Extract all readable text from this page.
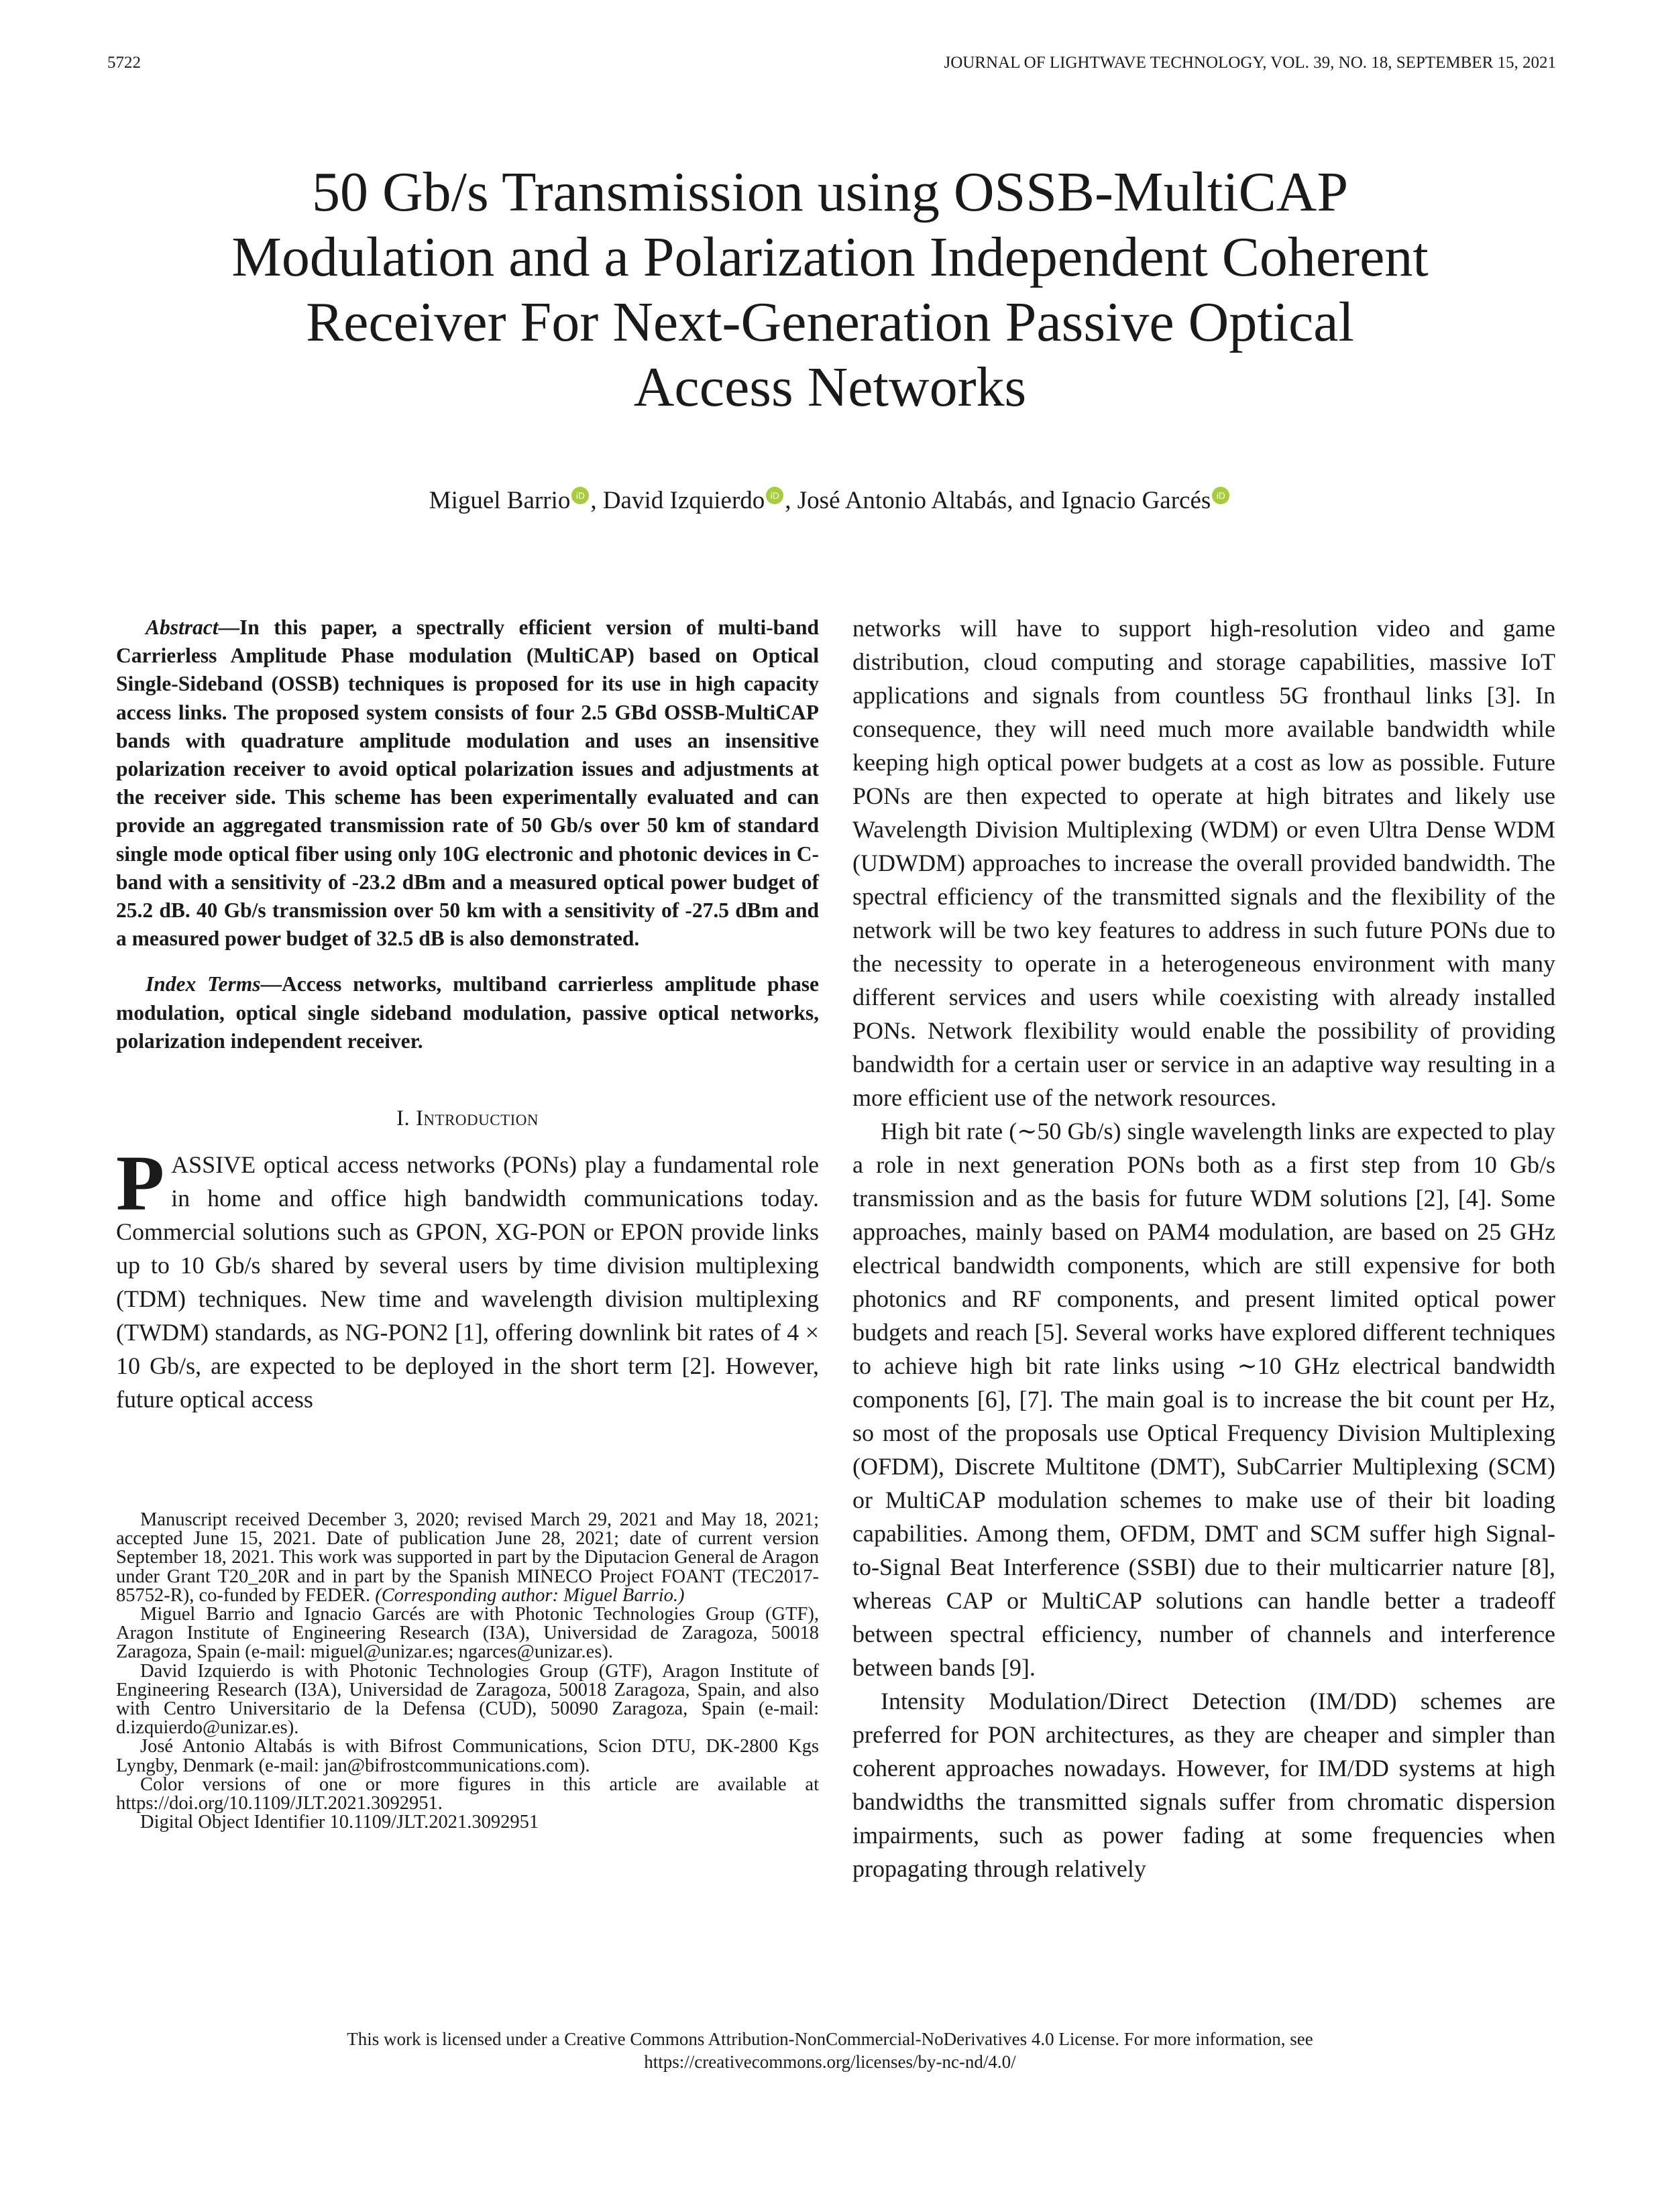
5722	JOURNAL OF LIGHTWAVE TECHNOLOGY, VOL. 39, NO. 18, SEPTEMBER 15, 2021
50 Gb/s Transmission using OSSB-MultiCAP
Modulation and a Polarization Independent Coherent
Receiver For Next-Generation Passive Optical
Access Networks
Miguel Barrio iD , David Izquierdo iD , José Antonio Altabás, and Ignacio Garcés iD

Abstract—In this paper, a spectrally efficient version of multi-band Carrierless Amplitude Phase modulation (MultiCAP) based on Optical Single-Sideband (OSSB) techniques is proposed for its use in high capacity access links. The proposed system consists of four 2.5 GBd OSSB-MultiCAP bands with quadrature amplitude modulation and uses an insensitive polarization receiver to avoid optical polarization issues and adjustments at the receiver side. This scheme has been experimentally evaluated and can provide an aggregated transmission rate of 50 Gb/s over 50 km of standard single mode optical fiber using only 10G electronic and photonic devices in C-band with a sensitivity of -23.2 dBm and a measured optical power budget of 25.2 dB. 40 Gb/s transmission over 50 km with a sensitivity of -27.5 dBm and a measured power budget of 32.5 dB is also demonstrated.

Index Terms—Access networks, multiband carrierless amplitude phase modulation, optical single sideband modulation, passive optical networks, polarization independent receiver.

I. Introduction

PASSIVE optical access networks (PONs) play a fundamental role in home and office high bandwidth communications today. Commercial solutions such as GPON, XG-PON or EPON provide links up to 10 Gb/s shared by several users by time division multiplexing (TDM) techniques. New time and wavelength division multiplexing (TWDM) standards, as NG-PON2 [1], offering downlink bit rates of 4 × 10 Gb/s, are expected to be deployed in the short term [2]. However, future optical access

Manuscript received December 3, 2020; revised March 29, 2021 and May 18, 2021; accepted June 15, 2021. Date of publication June 28, 2021; date of current version September 18, 2021. This work was supported in part by the Diputacion General de Aragon under Grant T20_20R and in part by the Spanish MINECO Project FOANT (TEC2017-85752-R), co-funded by FEDER. (Corresponding author: Miguel Barrio.)

Miguel Barrio and Ignacio Garcés are with Photonic Technologies Group (GTF), Aragon Institute of Engineering Research (I3A), Universidad de Zaragoza, 50018 Zaragoza, Spain (e-mail: miguel@unizar.es; ngarces@unizar.es).

David Izquierdo is with Photonic Technologies Group (GTF), Aragon Institute of Engineering Research (I3A), Universidad de Zaragoza, 50018 Zaragoza, Spain, and also with Centro Universitario de la Defensa (CUD), 50090 Zaragoza, Spain (e-mail: d.izquierdo@unizar.es).

José Antonio Altabás is with Bifrost Communications, Scion DTU, DK-2800 Kgs Lyngby, Denmark (e-mail: jan@bifrostcommunications.com).

Color versions of one or more figures in this article are available at https://doi.org/10.1109/JLT.2021.3092951.

Digital Object Identifier 10.1109/JLT.2021.3092951

networks will have to support high-resolution video and game distribution, cloud computing and storage capabilities, massive IoT applications and signals from countless 5G fronthaul links [3]. In consequence, they will need much more available bandwidth while keeping high optical power budgets at a cost as low as possible. Future PONs are then expected to operate at high bitrates and likely use Wavelength Division Multiplexing (WDM) or even Ultra Dense WDM (UDWDM) approaches to increase the overall provided bandwidth. The spectral efficiency of the transmitted signals and the flexibility of the network will be two key features to address in such future PONs due to the necessity to operate in a heterogeneous environment with many different services and users while coexisting with already installed PONs. Network flexibility would enable the possibility of providing bandwidth for a certain user or service in an adaptive way resulting in a more efficient use of the network resources.

High bit rate (∼50 Gb/s) single wavelength links are expected to play a role in next generation PONs both as a first step from 10 Gb/s transmission and as the basis for future WDM solutions [2], [4]. Some approaches, mainly based on PAM4 modulation, are based on 25 GHz electrical bandwidth components, which are still expensive for both photonics and RF components, and present limited optical power budgets and reach [5]. Several works have explored different techniques to achieve high bit rate links using ∼10 GHz electrical bandwidth components [6], [7]. The main goal is to increase the bit count per Hz, so most of the proposals use Optical Frequency Division Multiplexing (OFDM), Discrete Multitone (DMT), SubCarrier Multiplexing (SCM) or MultiCAP modulation schemes to make use of their bit loading capabilities. Among them, OFDM, DMT and SCM suffer high Signal-to-Signal Beat Interference (SSBI) due to their multicarrier nature [8], whereas CAP or MultiCAP solutions can handle better a tradeoff between spectral efficiency, number of channels and interference between bands [9].

Intensity Modulation/Direct Detection (IM/DD) schemes are preferred for PON architectures, as they are cheaper and simpler than coherent approaches nowadays. However, for IM/DD systems at high bandwidths the transmitted signals suffer from chromatic dispersion impairments, such as power fading at some frequencies when propagating through relatively

This work is licensed under a Creative Commons Attribution-NonCommercial-NoDerivatives 4.0 License. For more information, see
https://creativecommons.org/licenses/by-nc-nd/4.0/
